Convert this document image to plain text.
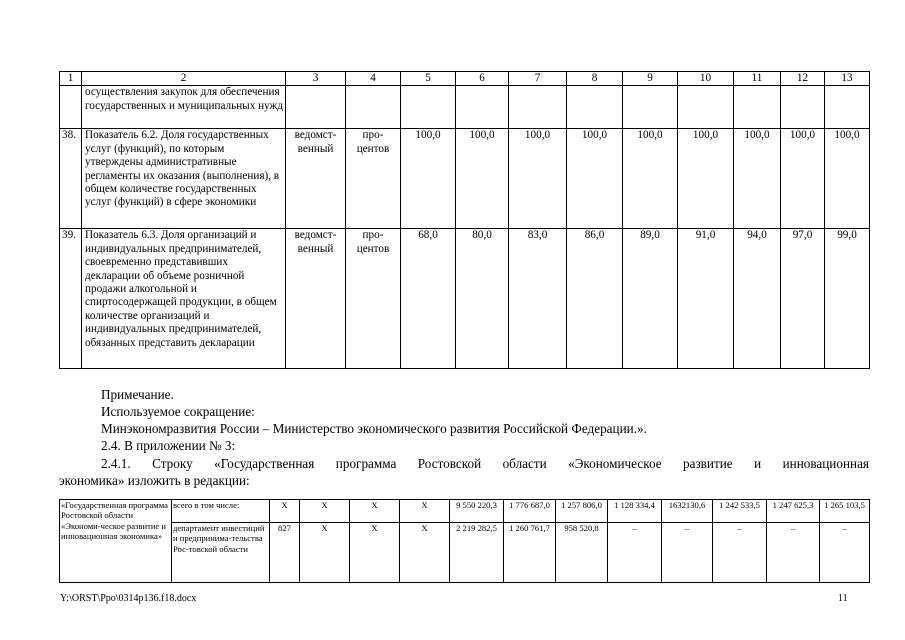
1	2	3	4	5	6	7	8	9	10	11	12	13
	осуществления закупок для обеспечения государственных и муниципальных нужд											
38.	Показатель 6.2. Доля государственных услуг (функций), по которым утверждены административные регламенты их оказания (выполнения), в общем количестве государственных услуг (функций) в сфере экономики	ведомст-венный	про-центов	100,0	100,0	100,0	100,0	100,0	100,0	100,0	100,0	100,0
39.	Показатель 6.3. Доля организаций и индивидуальных предпринимателей, своевременно представивших декларации об объеме розничной продажи алкогольной и спиртосодержащей продукции, в общем количестве организаций и индивидуальных предпринимателей, обязанных представить декларации	ведомст-венный	про-центов	68,0	80,0	83,0	86,0	89,0	91,0	94,0	97,0	99,0
Примечание.
Используемое сокращение:
Минэкономразвития России – Министерство экономического развития Российской Федерации.».
2.4. В приложении № 3:
2.4.1. Строку «Государственная программа Ростовской области «Экономическое развитие и инновационная
экономика» изложить в редакции:
«Государственная программа Ростовской области «Экономи-ческое развитие и инновационная экономика»	всего в том числе:	Х	Х	Х	Х	9 550 220,3	1 776 687,0	1 257 806,0	1 128 334,4	1632130,6	1 242 533,5	1 247 625,3	1 265 103,5
	департамент инвестиций и предпринима-тельства Рос-товской области	827	Х	Х	Х	2 219 282,5	1 260 761,7	958 520,8	–	–	–	–	–
Y:\ORST\Ppo\0314p136.f18.docx	11
